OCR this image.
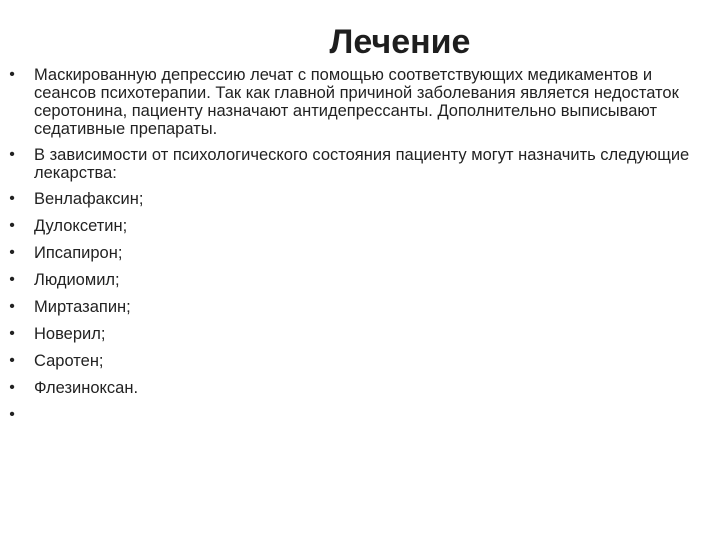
Лечение
• Маскированную депрессию лечат с помощью соответствующих медикаментов и сеансов психотерапии. Так как главной причиной заболевания является недостаток серотонина, пациенту назначают антидепрессанты. Дополнительно выписывают седативные препараты.
• В зависимости от психологического состояния пациенту могут назначить следующие лекарства:
• Венлафаксин;
• Дулоксетин;
• Ипсапирон;
• Людиомил;
• Миртазапин;
• Новерил;
• Саротен;
• Флезиноксан.
•
